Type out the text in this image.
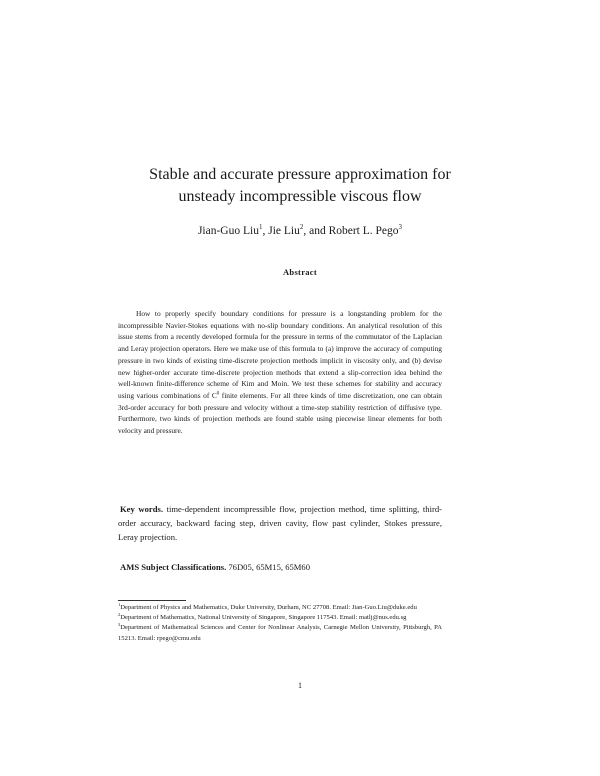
Stable and accurate pressure approximation for
unsteady incompressible viscous flow
Jian-Guo Liu$^1$, Jie Liu$^2$, and Robert L. Pego$^3$
Abstract
How to properly specify boundary conditions for pressure is a longstanding problem for the incompressible Navier-Stokes equations with no-slip boundary conditions. An analytical resolution of this issue stems from a recently developed formula for the pressure in terms of the commutator of the Laplacian and Leray projection operators. Here we make use of this formula to (a) improve the accuracy of computing pressure in two kinds of existing time-discrete projection methods implicit in viscosity only, and (b) devise new higher-order accurate time-discrete projection methods that extend a slip-correction idea behind the well-known finite-difference scheme of Kim and Moin. We test these schemes for stability and accuracy using various combinations of $C^0$ finite elements. For all three kinds of time discretization, one can obtain 3rd-order accuracy for both pressure and velocity without a time-step stability restriction of diffusive type. Furthermore, two kinds of projection methods are found stable using piecewise linear elements for both velocity and pressure.
Key words. time-dependent incompressible flow, projection method, time splitting, third-order accuracy, backward facing step, driven cavity, flow past cylinder, Stokes pressure, Leray projection.
AMS Subject Classifications. 76D05, 65M15, 65M60

$^1$Department of Physics and Mathematics, Duke University, Durham, NC 27708. Email: Jian-Guo.Liu@duke.edu

$^2$Department of Mathematics, National University of Singapore, Singapore 117543. Email: matlj@nus.edu.sg

$^3$Department of Mathematical Sciences and Center for Nonlinear Analysis, Carnegie Mellon University, Pittsburgh, PA 15213. Email: rpego@cmu.edu

1
